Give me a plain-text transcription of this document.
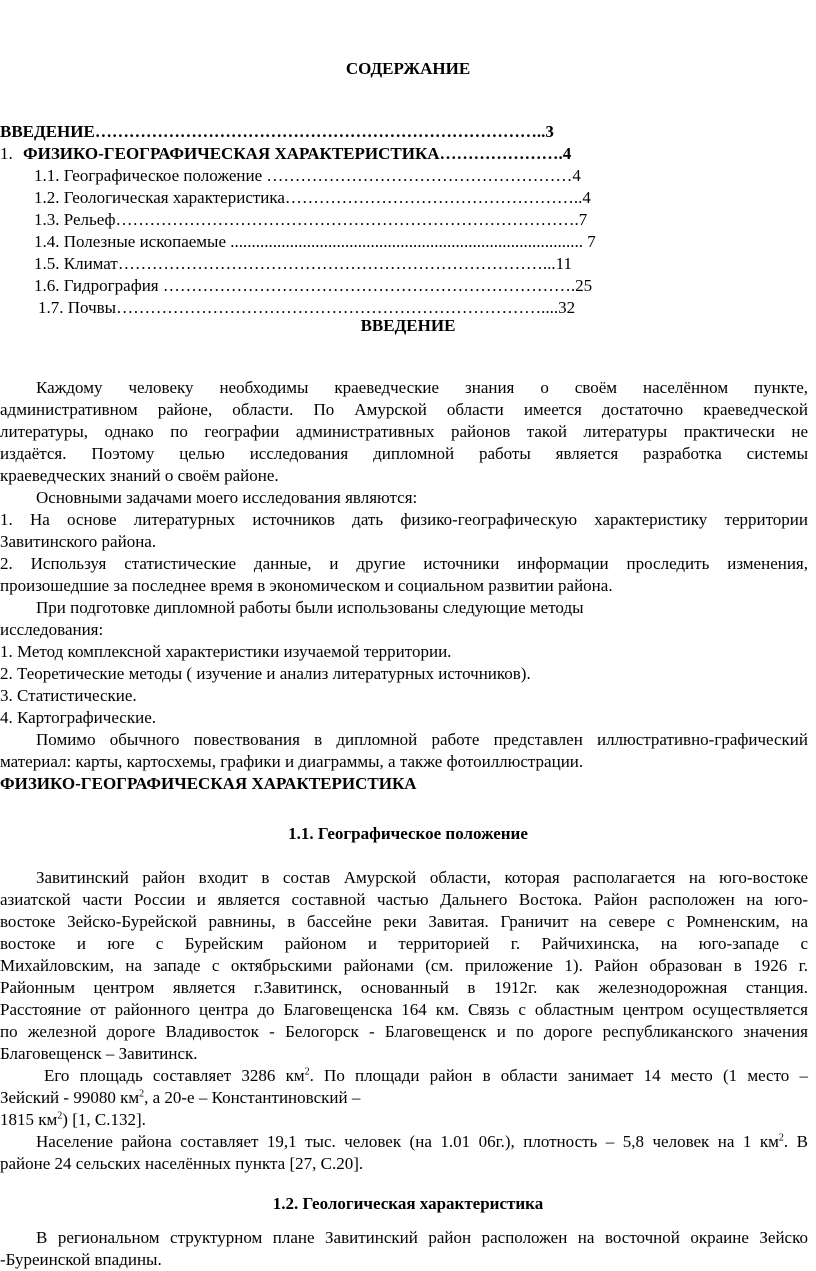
СОДЕРЖАНИЕ
ВВЕДЕНИЕ……………………………………………………………………..3
1. ФИЗИКО-ГЕОГРАФИЧЕСКАЯ ХАРАКТЕРИСТИКА………………….4
1.1. Географическое положение ………………………………………………4
1.2. Геологическая характеристика……………………………………………..4
1.3. Рельеф……………………………………………………………………….7
1.4. Полезные ископаемые ................................................................................... 7
1.5. Климат…………………………………………………………………...11
1.6. Гидрография ……………………………………………………………….25
1.7. Почвы…………………………………………………………………....32
ВВЕДЕНИЕ
Каждому человеку необходимы краеведческие знания о своём населённом пункте,
административном районе, области. По Амурской области имеется достаточно краеведческой
литературы, однако по географии административных районов такой литературы практически не
издаётся. Поэтому целью исследования дипломной работы является разработка системы
краеведческих знаний о своём районе.
Основными задачами моего исследования являются:
1. На основе литературных источников дать физико-географическую характеристику территории
Завитинского района.
2. Используя статистические данные, и другие источники информации проследить изменения,
произошедшие за последнее время в экономическом и социальном развитии района.
При подготовке дипломной работы были использованы следующие методы
исследования:
1. Метод комплексной характеристики изучаемой территории.
2. Теоретические методы ( изучение и анализ литературных источников).
3. Статистические.
4. Картографические.
Помимо обычного повествования в дипломной работе представлен иллюстративно-графический
материал: карты, картосхемы, графики и диаграммы, а также фотоиллюстрации.
ФИЗИКО-ГЕОГРАФИЧЕСКАЯ ХАРАКТЕРИСТИКА
1.1. Географическое положение
Завитинский район входит в состав Амурской области, которая располагается на юго-востоке
азиатской части России и является составной частью Дальнего Востока. Район расположен на юго-
востоке Зейско-Бурейской равнины, в бассейне реки Завитая. Граничит на севере с Ромненским, на
востоке и юге с Бурейским районом и территорией г. Райчихинска, на юго-западе с
Михайловским, на западе с октябрьскими районами (см. приложение 1). Район образован в 1926 г.
Районным центром является г.Завитинск, основанный в 1912г. как железнодорожная станция.
Расстояние от районного центра до Благовещенска 164 км. Связь с областным центром осуществляется
по железной дороге Владивосток - Белогорск - Благовещенск и по дороге республиканского значения
Благовещенск – Завитинск.
Его площадь составляет 3286 $км^2$. По площади район в области занимает 14 место (1 место –
Зейский - 99080 $км^2$, а 20-е – Константиновский –
1815 $км^2$) [1, С.132].
Население района составляет 19,1 тыс. человек (на 1.01 06г.), плотность – 5,8 человек на 1 $км^2$. В
районе 24 сельских населённых пункта [27, С.20].
1.2. Геологическая характеристика
В региональном структурном плане Завитинский район расположен на восточной окраине Зейско
-Буреинской впадины.
